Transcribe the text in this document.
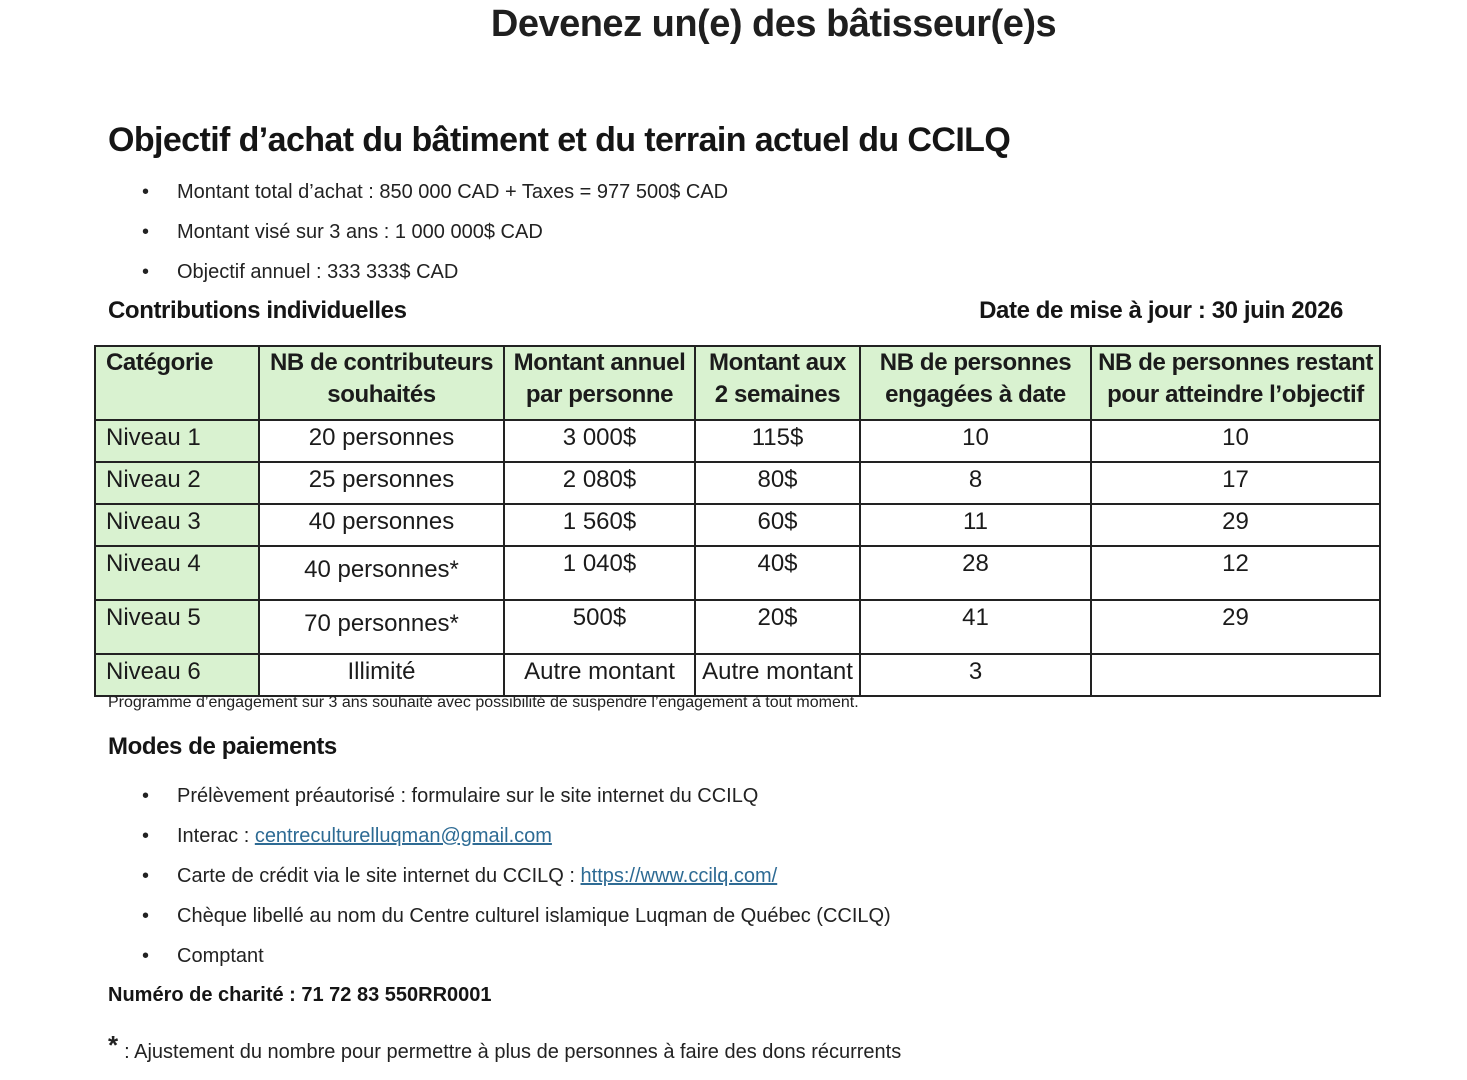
Devenez un(e) des bâtisseur(e)s
Objectif d’achat du bâtiment et du terrain actuel du CCILQ
• Montant total d’achat : 850 000 CAD + Taxes = 977 500$ CAD
• Montant visé sur 3 ans : 1 000 000$ CAD
• Objectif annuel : 333 333$ CAD
Contributions individuelles	Date de mise à jour : 30 juin 2026
Catégorie	NB de contributeurs souhaités	Montant annuel par personne	Montant aux 2 semaines	NB de personnes engagées à date	NB de personnes restant pour atteindre l’objectif
Niveau 1	20 personnes	3 000$	115$	10	10
Niveau 2	25 personnes	2 080$	80$	8	17
Niveau 3	40 personnes	1 560$	60$	11	29
Niveau 4	40 personnes*	1 040$	40$	28	12
Niveau 5	70 personnes*	500$	20$	41	29
Niveau 6	Illimité	Autre montant	Autre montant	3	
Programme d’engagement sur 3 ans souhaité avec possibilité de suspendre l’engagement à tout moment.
Modes de paiements
• Prélèvement préautorisé : formulaire sur le site internet du CCILQ
• Interac : centreculturelluqman@gmail.com
• Carte de crédit via le site internet du CCILQ : https://www.ccilq.com/
• Chèque libellé au nom du Centre culturel islamique Luqman de Québec (CCILQ)
• Comptant
Numéro de charité : 71 72 83 550RR0001
* : Ajustement du nombre pour permettre à plus de personnes à faire des dons récurrents
